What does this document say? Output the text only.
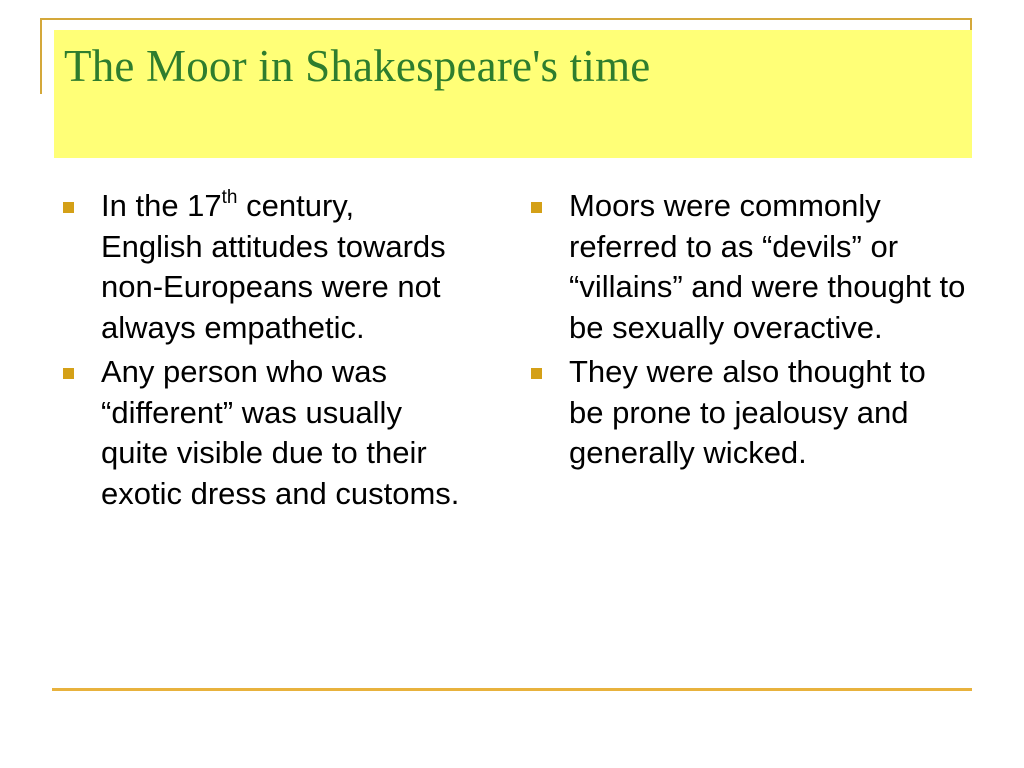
The Moor in Shakespeare's time
In the 17th century, English attitudes towards non-Europeans were not always empathetic.
Any person who was “different” was usually quite visible due to their exotic dress and customs.
Moors were commonly referred to as “devils” or “villains” and were thought to be sexually overactive.
They were also thought to be prone to jealousy and generally wicked.
